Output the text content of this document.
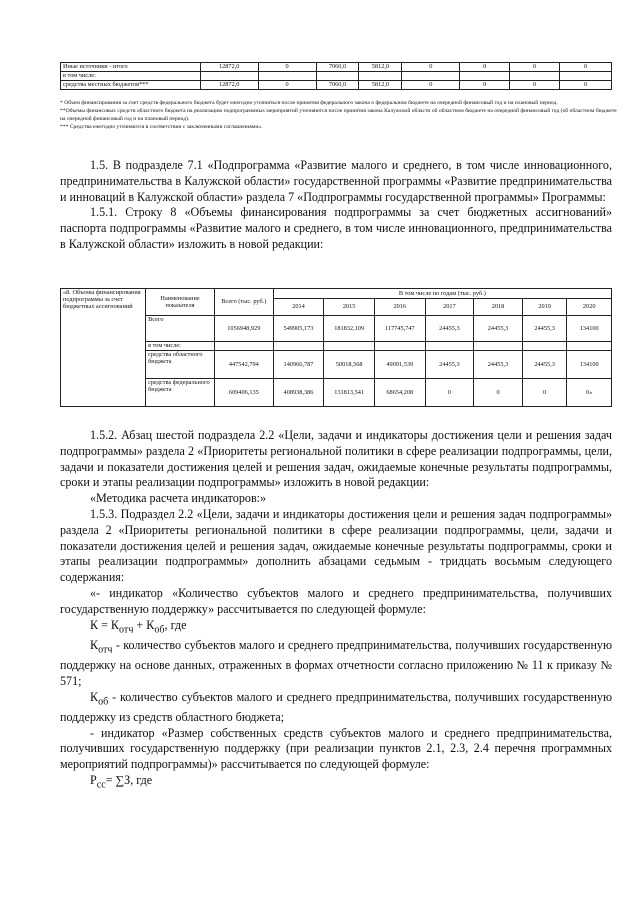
Иные источники - итого	12872,0	0	7060,0	5812,0	0	0	0	0
в том числе:								
средства местных бюджетов***	12872,0	0	7060,0	5812,0	0	0	0	0

* Объем финансирования за счет средств федерального бюджета будет ежегодно уточняться после принятия федерального закона о федеральном бюджете на очередной финансовый год и на плановый период.

**Объемы финансовых средств областного бюджета на реализацию подпрограммных мероприятий уточняются после принятия закона Калужской области об областном бюджете на очередной финансовый год (об областном бюджете на очередной финансовый год и на плановый период).

*** Средства ежегодно уточняются в соответствии с заключенными соглашениями».

1.5. В подразделе 7.1 «Подпрограмма «Развитие малого и среднего, в том числе инновационного, предпринимательства в Калужской области» государственной программы «Развитие предпринимательства и инноваций в Калужской области» раздела 7 «Подпрограммы государственной программы» Программы:

1.5.1. Строку 8 «Объемы финансирования подпрограммы за счет бюджетных ассигнований» паспорта подпрограммы «Развитие малого и среднего, в том числе инновационного, предпринимательства в Калужской области» изложить в новой редакции:

«8. Объемы финансирования подпрограммы за счет бюджетных ассигнований	Наименование показателя	Всего (тыс. руб.)	В том числе по годам (тыс. руб.)						
			2014	2015	2016	2017	2018	2019	2020
	Всего	1056948,929	549905,173	181832,109	117745,747	24455,3	24455,3	24455,3	134100
	в том числе:								
	средства областного бюджета	447542,794	140966,787	50018,568	49091,539	24455,3	24455,3	24455,3	134100
	средства федерального бюджета	609406,135	408938,386	131813,541	68654,208	0	0	0	0»

1.5.2. Абзац шестой подраздела 2.2 «Цели, задачи и индикаторы достижения цели и решения задач подпрограммы» раздела 2 «Приоритеты региональной политики в сфере реализации подпрограммы, цели, задачи и показатели достижения целей и решения задач, ожидаемые конечные результаты подпрограммы, сроки и этапы реализации подпрограммы» изложить в новой редакции:

«Методика расчета индикаторов:»

1.5.3. Подраздел 2.2 «Цели, задачи и индикаторы достижения цели и решения задач подпрограммы» раздела 2 «Приоритеты региональной политики в сфере реализации подпрограммы, цели, задачи и показатели достижения целей и решения задач, ожидаемые конечные результаты подпрограммы, сроки и этапы реализации подпрограммы» дополнить абзацами седьмым - тридцать восьмым следующего содержания:

«- индикатор «Количество субъектов малого и среднего предпринимательства, получивших государственную поддержку» рассчитывается по следующей формуле:

$К = К_{отч} + К_{об}$, где

$К_{отч}$ - количество субъектов малого и среднего предпринимательства, получивших государственную поддержку на основе данных, отраженных в формах отчетности согласно приложению № 11 к приказу № 571;

$К_{об}$ - количество субъектов малого и среднего предпринимательства, получивших государственную поддержку из средств областного бюджета;

- индикатор «Размер собственных средств субъектов малого и среднего предпринимательства, получивших государственную поддержку (при реализации пунктов 2.1, 2.3, 2.4 перечня программных мероприятий подпрограммы)» рассчитывается по следующей формуле:

$Р_{сс}= \sum З$, где
